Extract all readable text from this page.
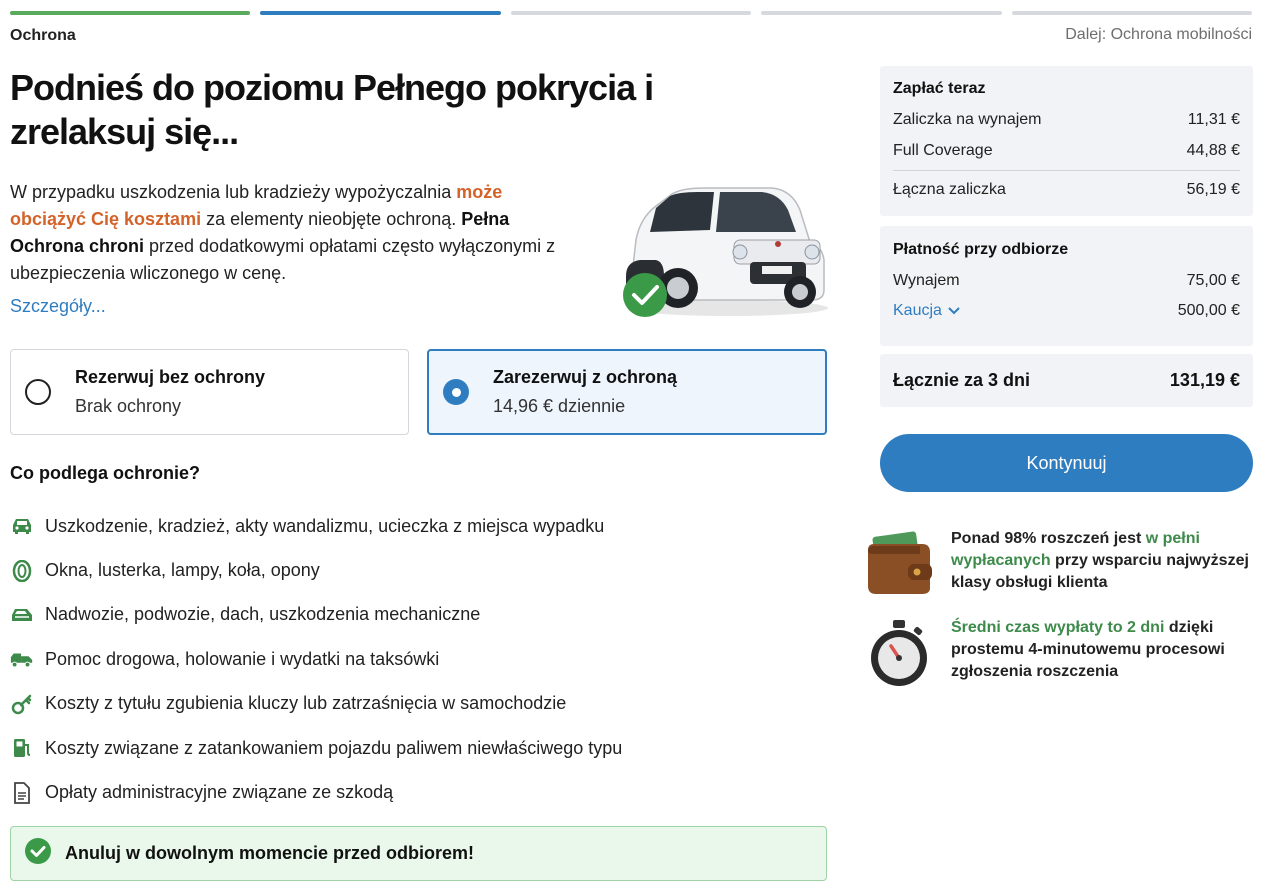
Ochrona	Dalej: Ochrona mobilności
Podnieś do poziomu Pełnego pokrycia i zrelaksuj się...

W przypadku uszkodzenia lub kradzieży wypożyczalnia może obciążyć Cię kosztami za elementy nieobjęte ochroną. Pełna Ochrona chroni przed dodatkowymi opłatami często wyłączonymi z ubezpieczenia wliczonego w cenę.

Szczegóły...
Rezerwuj bez ochrony
Brak ochrony
Zarezerwuj z ochroną
14,96 € dziennie
Co podlega ochronie?
Uszkodzenie, kradzież, akty wandalizmu, ucieczka z miejsca wypadku
Okna, lusterka, lampy, koła, opony
Nadwozie, podwozie, dach, uszkodzenia mechaniczne
Pomoc drogowa, holowanie i wydatki na taksówki
Koszty z tytułu zgubienia kluczy lub zatrzaśnięcia w samochodzie
Koszty związane z zatankowaniem pojazdu paliwem niewłaściwego typu
Opłaty administracyjne związane ze szkodą
Anuluj w dowolnym momencie przed odbiorem!
Zapłać teraz
Zaliczka na wynajem	11,31 €
Full Coverage	44,88 €
Łączna zaliczka	56,19 €
Płatność przy odbiorze
Wynajem	75,00 €
Kaucja	500,00 €
Łącznie za 3 dni	131,19 €
Kontynuuj
Ponad 98% roszczeń jest w pełni wypłacanych przy wsparciu najwyższej klasy obsługi klienta
Średni czas wypłaty to 2 dni dzięki prostemu 4-minutowemu procesowi zgłoszenia roszczenia
